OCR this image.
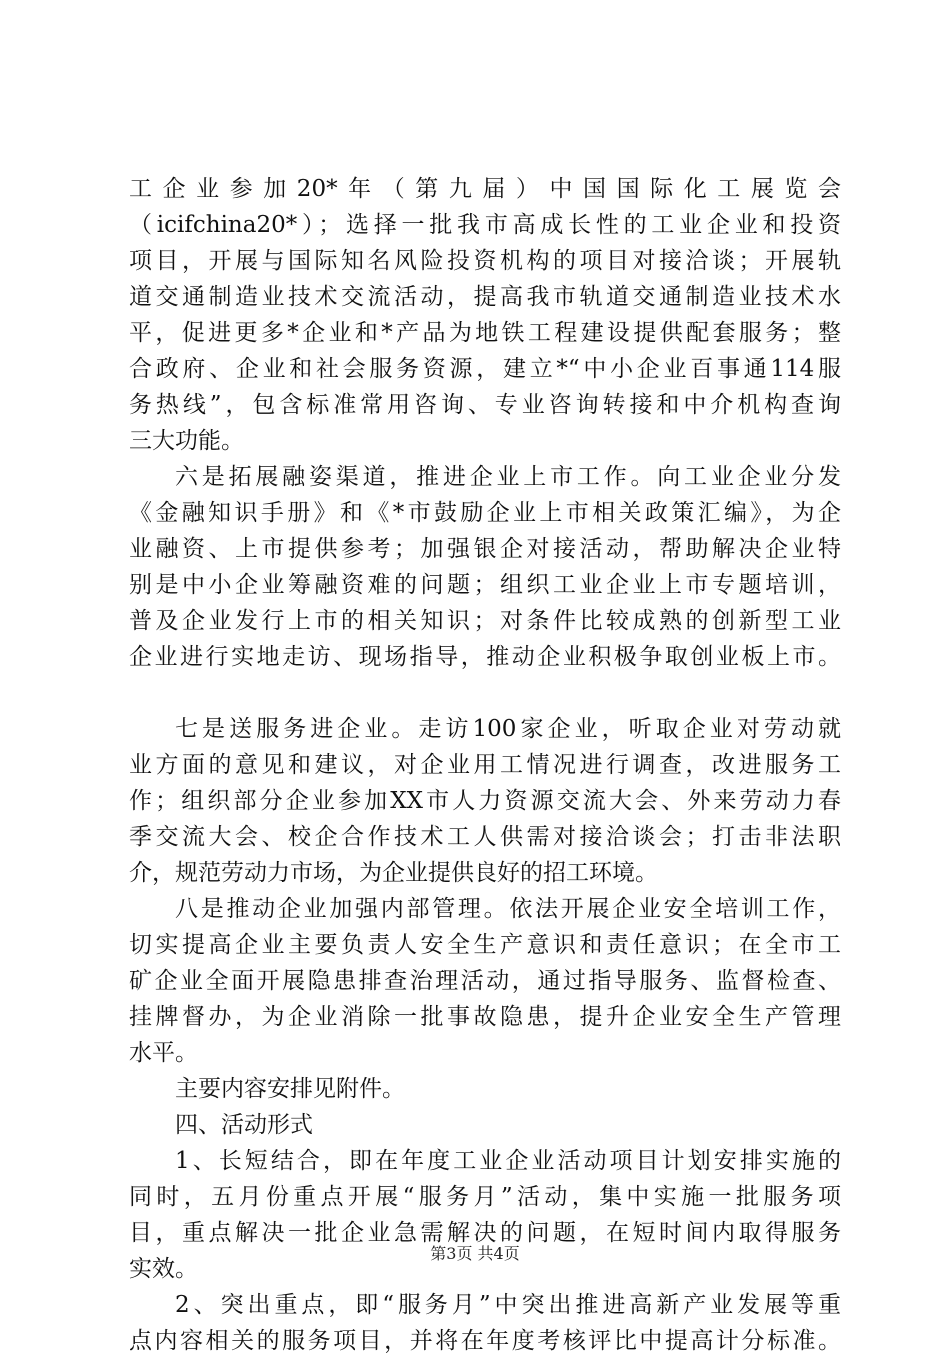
工企业参加20*年（第九届）中国国际化工展览会
（icifchina20*）；选择一批我市高成长性的工业企业和投资
项目，开展与国际知名风险投资机构的项目对接洽谈；开展轨
道交通制造业技术交流活动，提高我市轨道交通制造业技术水
平，促进更多*企业和*产品为地铁工程建设提供配套服务；整
合政府、企业和社会服务资源，建立*“中小企业百事通114服
务热线”，包含标准常用咨询、专业咨询转接和中介机构查询
三大功能。
六是拓展融姿渠道，推进企业上市工作。向工业企业分发
《金融知识手册》和《*市鼓励企业上市相关政策汇编》，为企
业融资、上市提供参考；加强银企对接活动，帮助解决企业特
别是中小企业筹融资难的问题；组织工业企业上市专题培训，
普及企业发行上市的相关知识；对条件比较成熟的创新型工业
企业进行实地走访、现场指导，推动企业积极争取创业板上市。
七是送服务进企业。走访100家企业，听取企业对劳动就
业方面的意见和建议，对企业用工情况进行调查，改进服务工
作；组织部分企业参加XX市人力资源交流大会、外来劳动力春
季交流大会、校企合作技术工人供需对接洽谈会；打击非法职
介，规范劳动力市场，为企业提供良好的招工环境。
八是推动企业加强内部管理。依法开展企业安全培训工作，
切实提高企业主要负责人安全生产意识和责任意识；在全市工
矿企业全面开展隐患排查治理活动，通过指导服务、监督检查、
挂牌督办，为企业消除一批事故隐患，提升企业安全生产管理
水平。
主要内容安排见附件。
四、活动形式
1、长短结合，即在年度工业企业活动项目计划安排实施的
同时，五月份重点开展“服务月”活动，集中实施一批服务项
目，重点解决一批企业急需解决的问题，在短时间内取得服务
实效。
2、突出重点，即“服务月”中突出推进高新产业发展等重
点内容相关的服务项目，并将在年度考核评比中提高计分标准。
第3页 共4页
